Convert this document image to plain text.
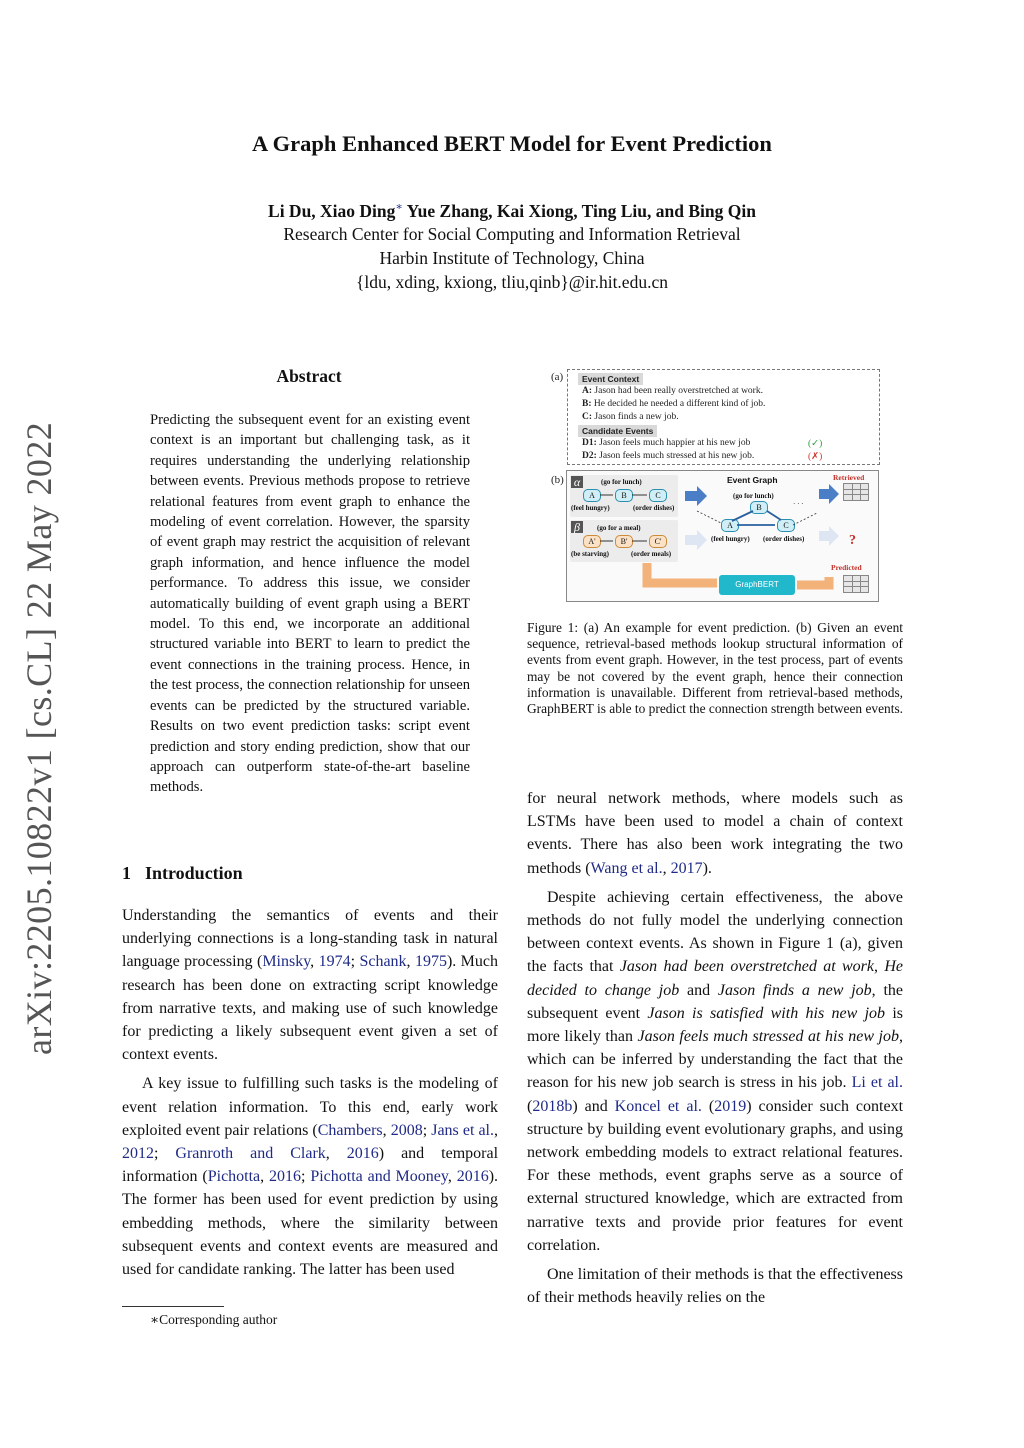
arXiv:2205.10822v1 [cs.CL] 22 May 2022
A Graph Enhanced BERT Model for Event Prediction
Li Du, Xiao Ding∗ Yue Zhang, Kai Xiong, Ting Liu, and Bing Qin
Research Center for Social Computing and Information Retrieval
Harbin Institute of Technology, China
{ldu, xding, kxiong, tliu,qinb}@ir.hit.edu.cn
Abstract
Predicting the subsequent event for an existing event context is an important but challenging task, as it requires understanding the underlying relationship between events. Previous methods propose to retrieve relational features from event graph to enhance the modeling of event correlation. However, the sparsity of event graph may restrict the acquisition of relevant graph information, and hence influence the model performance. To address this issue, we consider automatically building of event graph using a BERT model. To this end, we incorporate an additional structured variable into BERT to learn to predict the event connections in the training process. Hence, in the test process, the connection relationship for unseen events can be predicted by the structured variable. Results on two event prediction tasks: script event prediction and story ending prediction, show that our approach can outperform state-of-the-art baseline methods.
1 Introduction

Understanding the semantics of events and their underlying connections is a long-standing task in natural language processing (Minsky, 1974; Schank, 1975). Much research has been done on extracting script knowledge from narrative texts, and making use of such knowledge for predicting a likely subsequent event given a set of context events.

A key issue to fulfilling such tasks is the modeling of event relation information. To this end, early work exploited event pair relations (Chambers, 2008; Jans et al., 2012; Granroth and Clark, 2016) and temporal information (Pichotta, 2016; Pichotta and Mooney, 2016). The former has been used for event prediction by using embedding methods, where the similarity between subsequent events and context events are measured and used for candidate ranking. The latter has been used

∗Corresponding author
(a)	Event Context
A: Jason had been really overstretched at work.
B: He decided he needed a different kind of job.
C: Jason finds a new job.
Candidate Events
D1: Jason feels much happier at his new job
D2: Jason feels much stressed at his new job.
(✓)
(✗)
(b) α	(go for lunch)
A	B	C
(feel hungry)	(order dishes)
β	(go for a meal)
A'	B'	C'
(be starving)	(order meals)
Event Graph
(go for lunch)
· · ·
A
B
C
(feel hungry) (order dishes)
Retrieved
?
Predicted
GraphBERT
Figure 1: (a) An example for event prediction. (b) Given an event sequence, retrieval-based methods lookup structural information of events from event graph. However, in the test process, part of events may be not covered by the event graph, hence their connection information is unavailable. Different from retrieval-based methods, GraphBERT is able to predict the connection strength between events.

for neural network methods, where models such as LSTMs have been used to model a chain of context events. There has also been work integrating the two methods (Wang et al., 2017).

Despite achieving certain effectiveness, the above methods do not fully model the underlying connection between context events. As shown in Figure 1 (a), given the facts that Jason had been overstretched at work, He decided to change job and Jason finds a new job, the subsequent event Jason is satisfied with his new job is more likely than Jason feels much stressed at his new job, which can be inferred by understanding the fact that the reason for his new job search is stress in his job. Li et al. (2018b) and Koncel et al. (2019) consider such context structure by building event evolutionary graphs, and using network embedding models to extract relational features. For these methods, event graphs serve as a source of external structured knowledge, which are extracted from narrative texts and provide prior features for event correlation.

One limitation of their methods is that the effectiveness of their methods heavily relies on the
